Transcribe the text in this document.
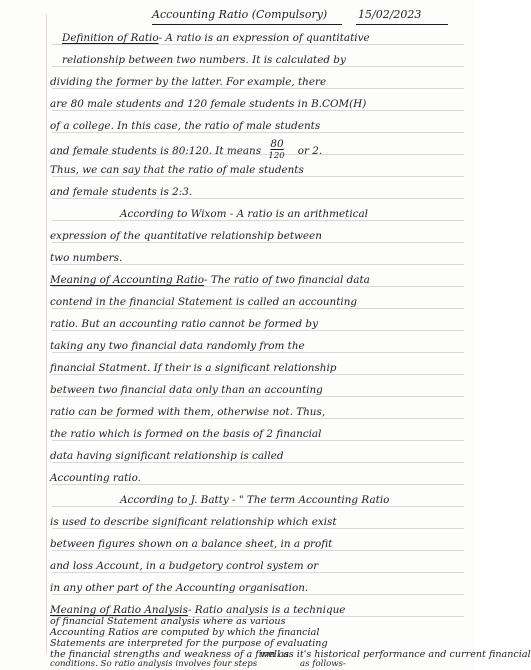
Accounting Ratio (Compulsory)	15/02/2023
Definition of Ratio- A ratio is an expression of quantitative
relationship between two numbers. It is calculated by
dividing the former by the latter. For example, there
are 80 male students and 120 female students in B.COM(H)
of a college. In this case, the ratio of male students
and female students is 80:120. It means
80
120 or 2.
Thus, we can say that the ratio of male students
and female students is 2:3.
According to Wixom - A ratio is an arithmetical
expression of the quantitative relationship between
two numbers.
Meaning of Accounting Ratio- The ratio of two financial data
contend in the financial Statement is called an accounting
ratio. But an accounting ratio cannot be formed by
taking any two financial data randomly from the
financial Statment. If their is a significant relationship
between two financial data only than an accounting
ratio can be formed with them, otherwise not. Thus,
the ratio which is formed on the basis of 2 financial
data having significant relationship is called
Accounting ratio.
According to J. Batty - " The term Accounting Ratio
is used to describe significant relationship which exist
between figures shown on a balance sheet, in a profit
and loss Account, in a budgetory control system or
in any other part of the Accounting organisation.
Meaning of Ratio Analysis- Ratio analysis is a technique
of financial Statement analysis where as various
Accounting Ratios are computed by which the financial
Statements are interpreted for the purpose of evaluating
the financial strengths and weakness of a firm as
well as it's historical performance and current financial
conditions. So ratio analysis involves four steps	as follows-
